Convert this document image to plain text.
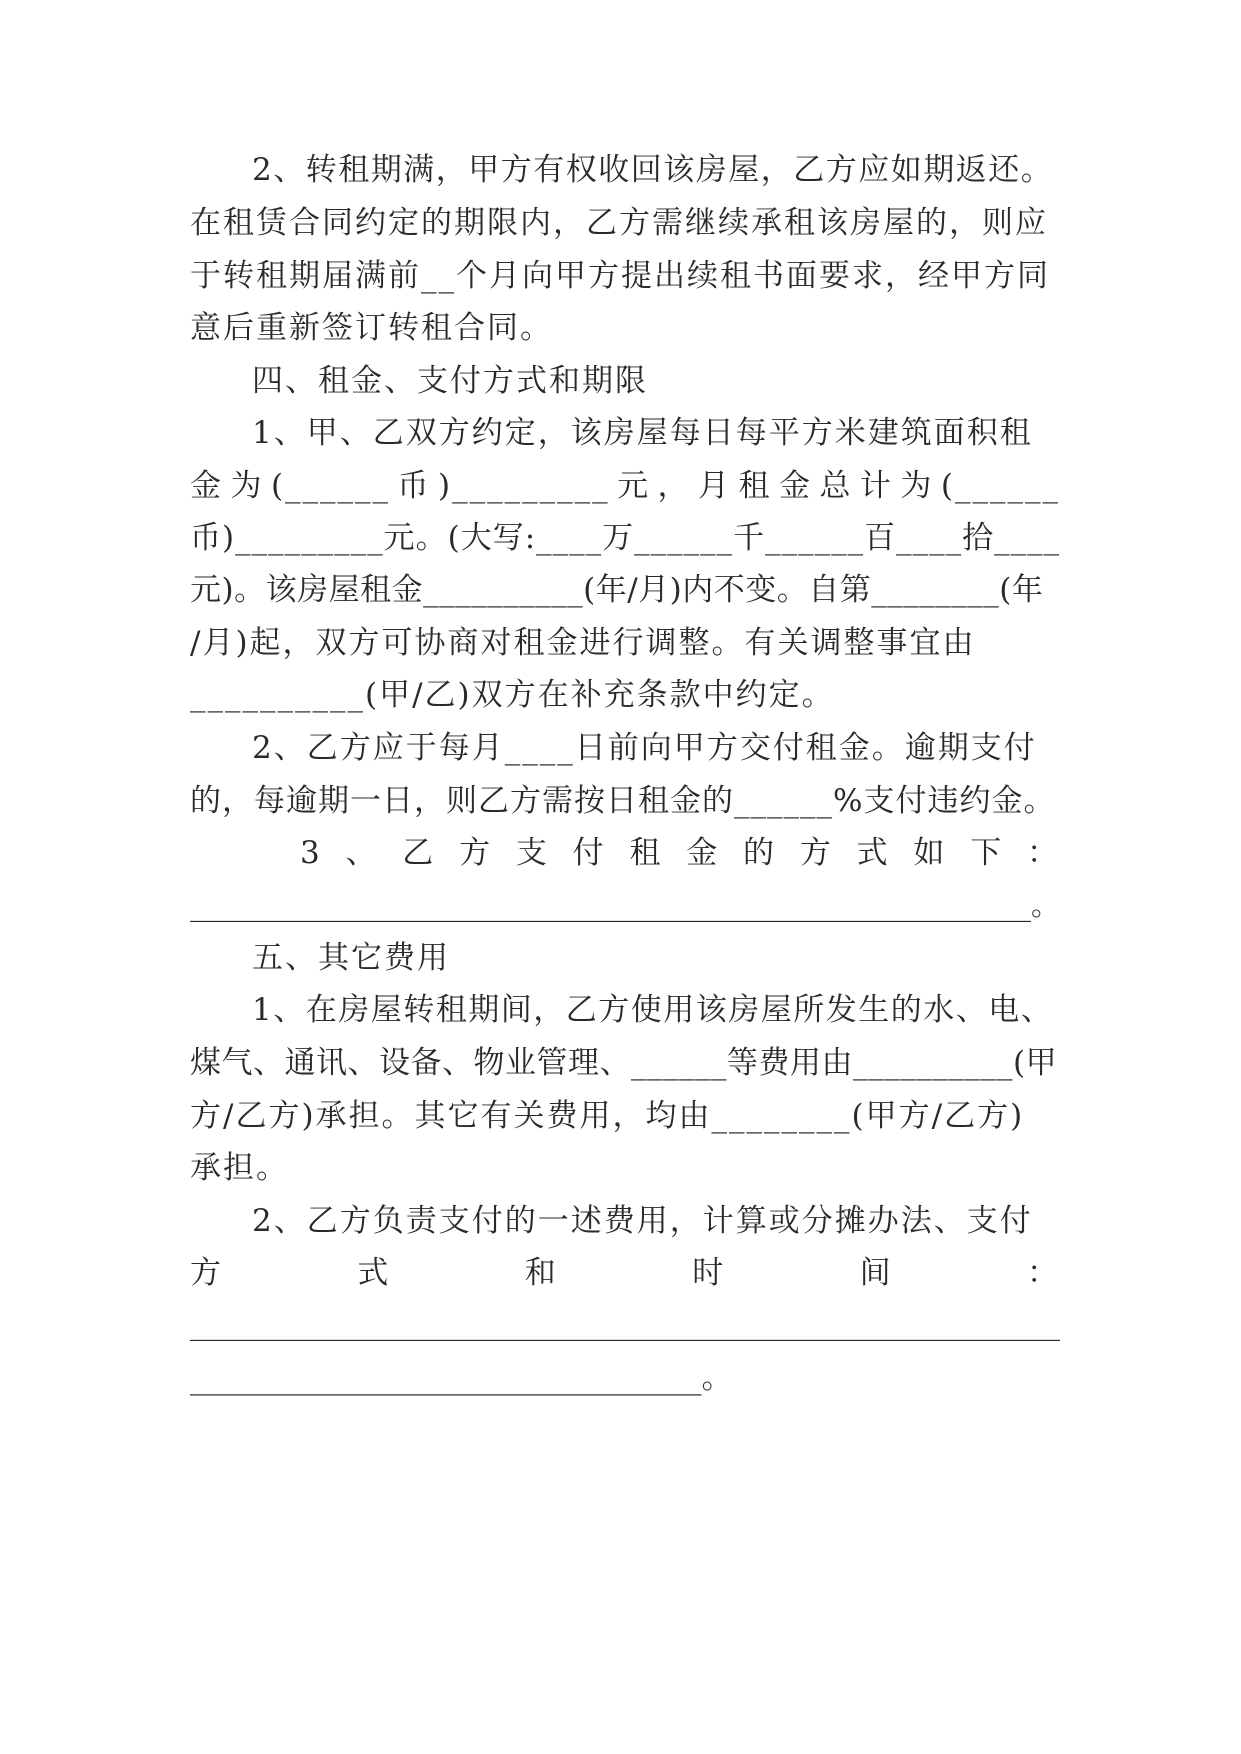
2、转租期满，甲方有权收回该房屋，乙方应如期返还。
在租赁合同约定的期限内，乙方需继续承租该房屋的，则应
于转租期届满前__个月向甲方提出续租书面要求，经甲方同
意后重新签订转租合同。
四、租金、支付方式和期限
1、甲、乙双方约定，该房屋每日每平方米建筑面积租
金为(______币)_________元，月租金总计为(______
币)_________元。(大写:____万______千______百____拾____
元)。该房屋租金__________(年/月)内不变。自第________(年
/月)起，双方可协商对租金进行调整。有关调整事宜由
__________(甲/乙)双方在补充条款中约定。
2、乙方应于每月____日前向甲方交付租金。逾期支付
的，每逾期一日，则乙方需按日租金的______%支付违约金。
3、乙方支付租金的方式如下：
__________________________________________________________。
五、其它费用
1、在房屋转租期间，乙方使用该房屋所发生的水、电、
煤气、通讯、设备、物业管理、______等费用由__________(甲
方/乙方)承担。其它有关费用，均由________(甲方/乙方)
承担。
2、乙方负责支付的一述费用，计算或分摊办法、支付
方式和时间：
__________________________________________________________
_________________________________。
